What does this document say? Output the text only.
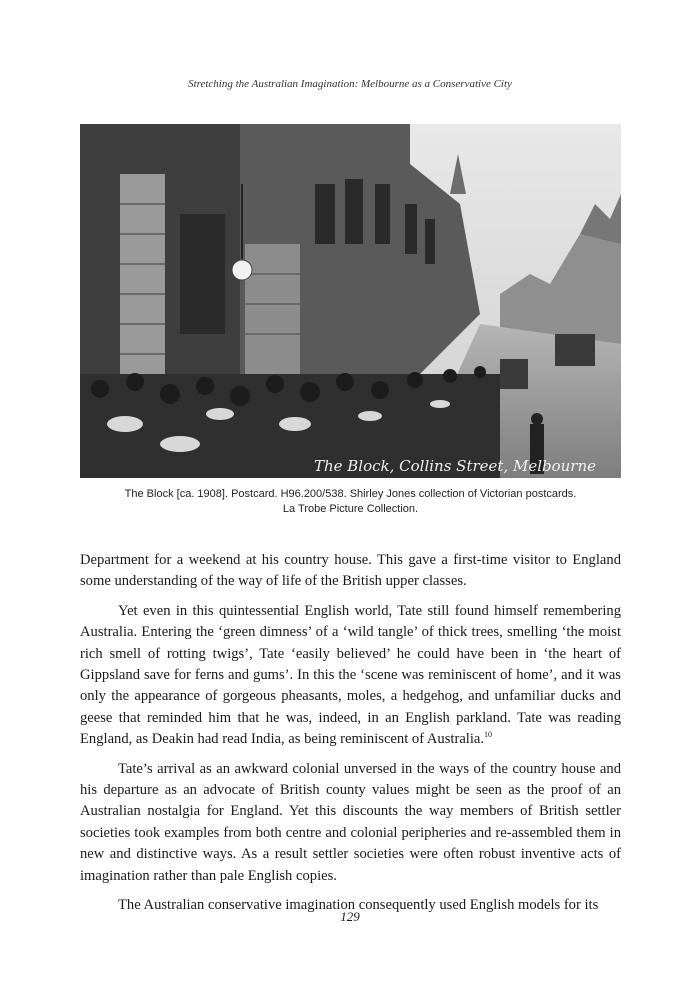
Stretching the Australian Imagination: Melbourne as a Conservative City
The Block, Collins Street, Melbourne
The Block [ca. 1908]. Postcard. H96.200/538. Shirley Jones collection of Victorian postcards.
La Trobe Picture Collection.

Department for a weekend at his country house. This gave a first-time visitor to England some understanding of the way of life of the British upper classes.

Yet even in this quintessential English world, Tate still found himself remembering Australia. Entering the ‘green dimness’ of a ‘wild tangle’ of thick trees, smelling ‘the moist rich smell of rotting twigs’, Tate ‘easily believed’ he could have been in ‘the heart of Gippsland save for ferns and gums’. In this the ‘scene was reminiscent of home’, and it was only the appearance of gorgeous pheasants, moles, a hedgehog, and unfamiliar ducks and geese that reminded him that he was, indeed, in an English parkland. Tate was reading England, as Deakin had read India, as being reminiscent of Australia.$^{10}$

Tate’s arrival as an awkward colonial unversed in the ways of the country house and his departure as an advocate of British county values might be seen as the proof of an Australian nostalgia for England. Yet this discounts the way members of British settler societies took examples from both centre and colonial peripheries and re-assembled them in new and distinctive ways. As a result settler societies were often robust inventive acts of imagination rather than pale English copies.

The Australian conservative imagination consequently used English models for its

129
